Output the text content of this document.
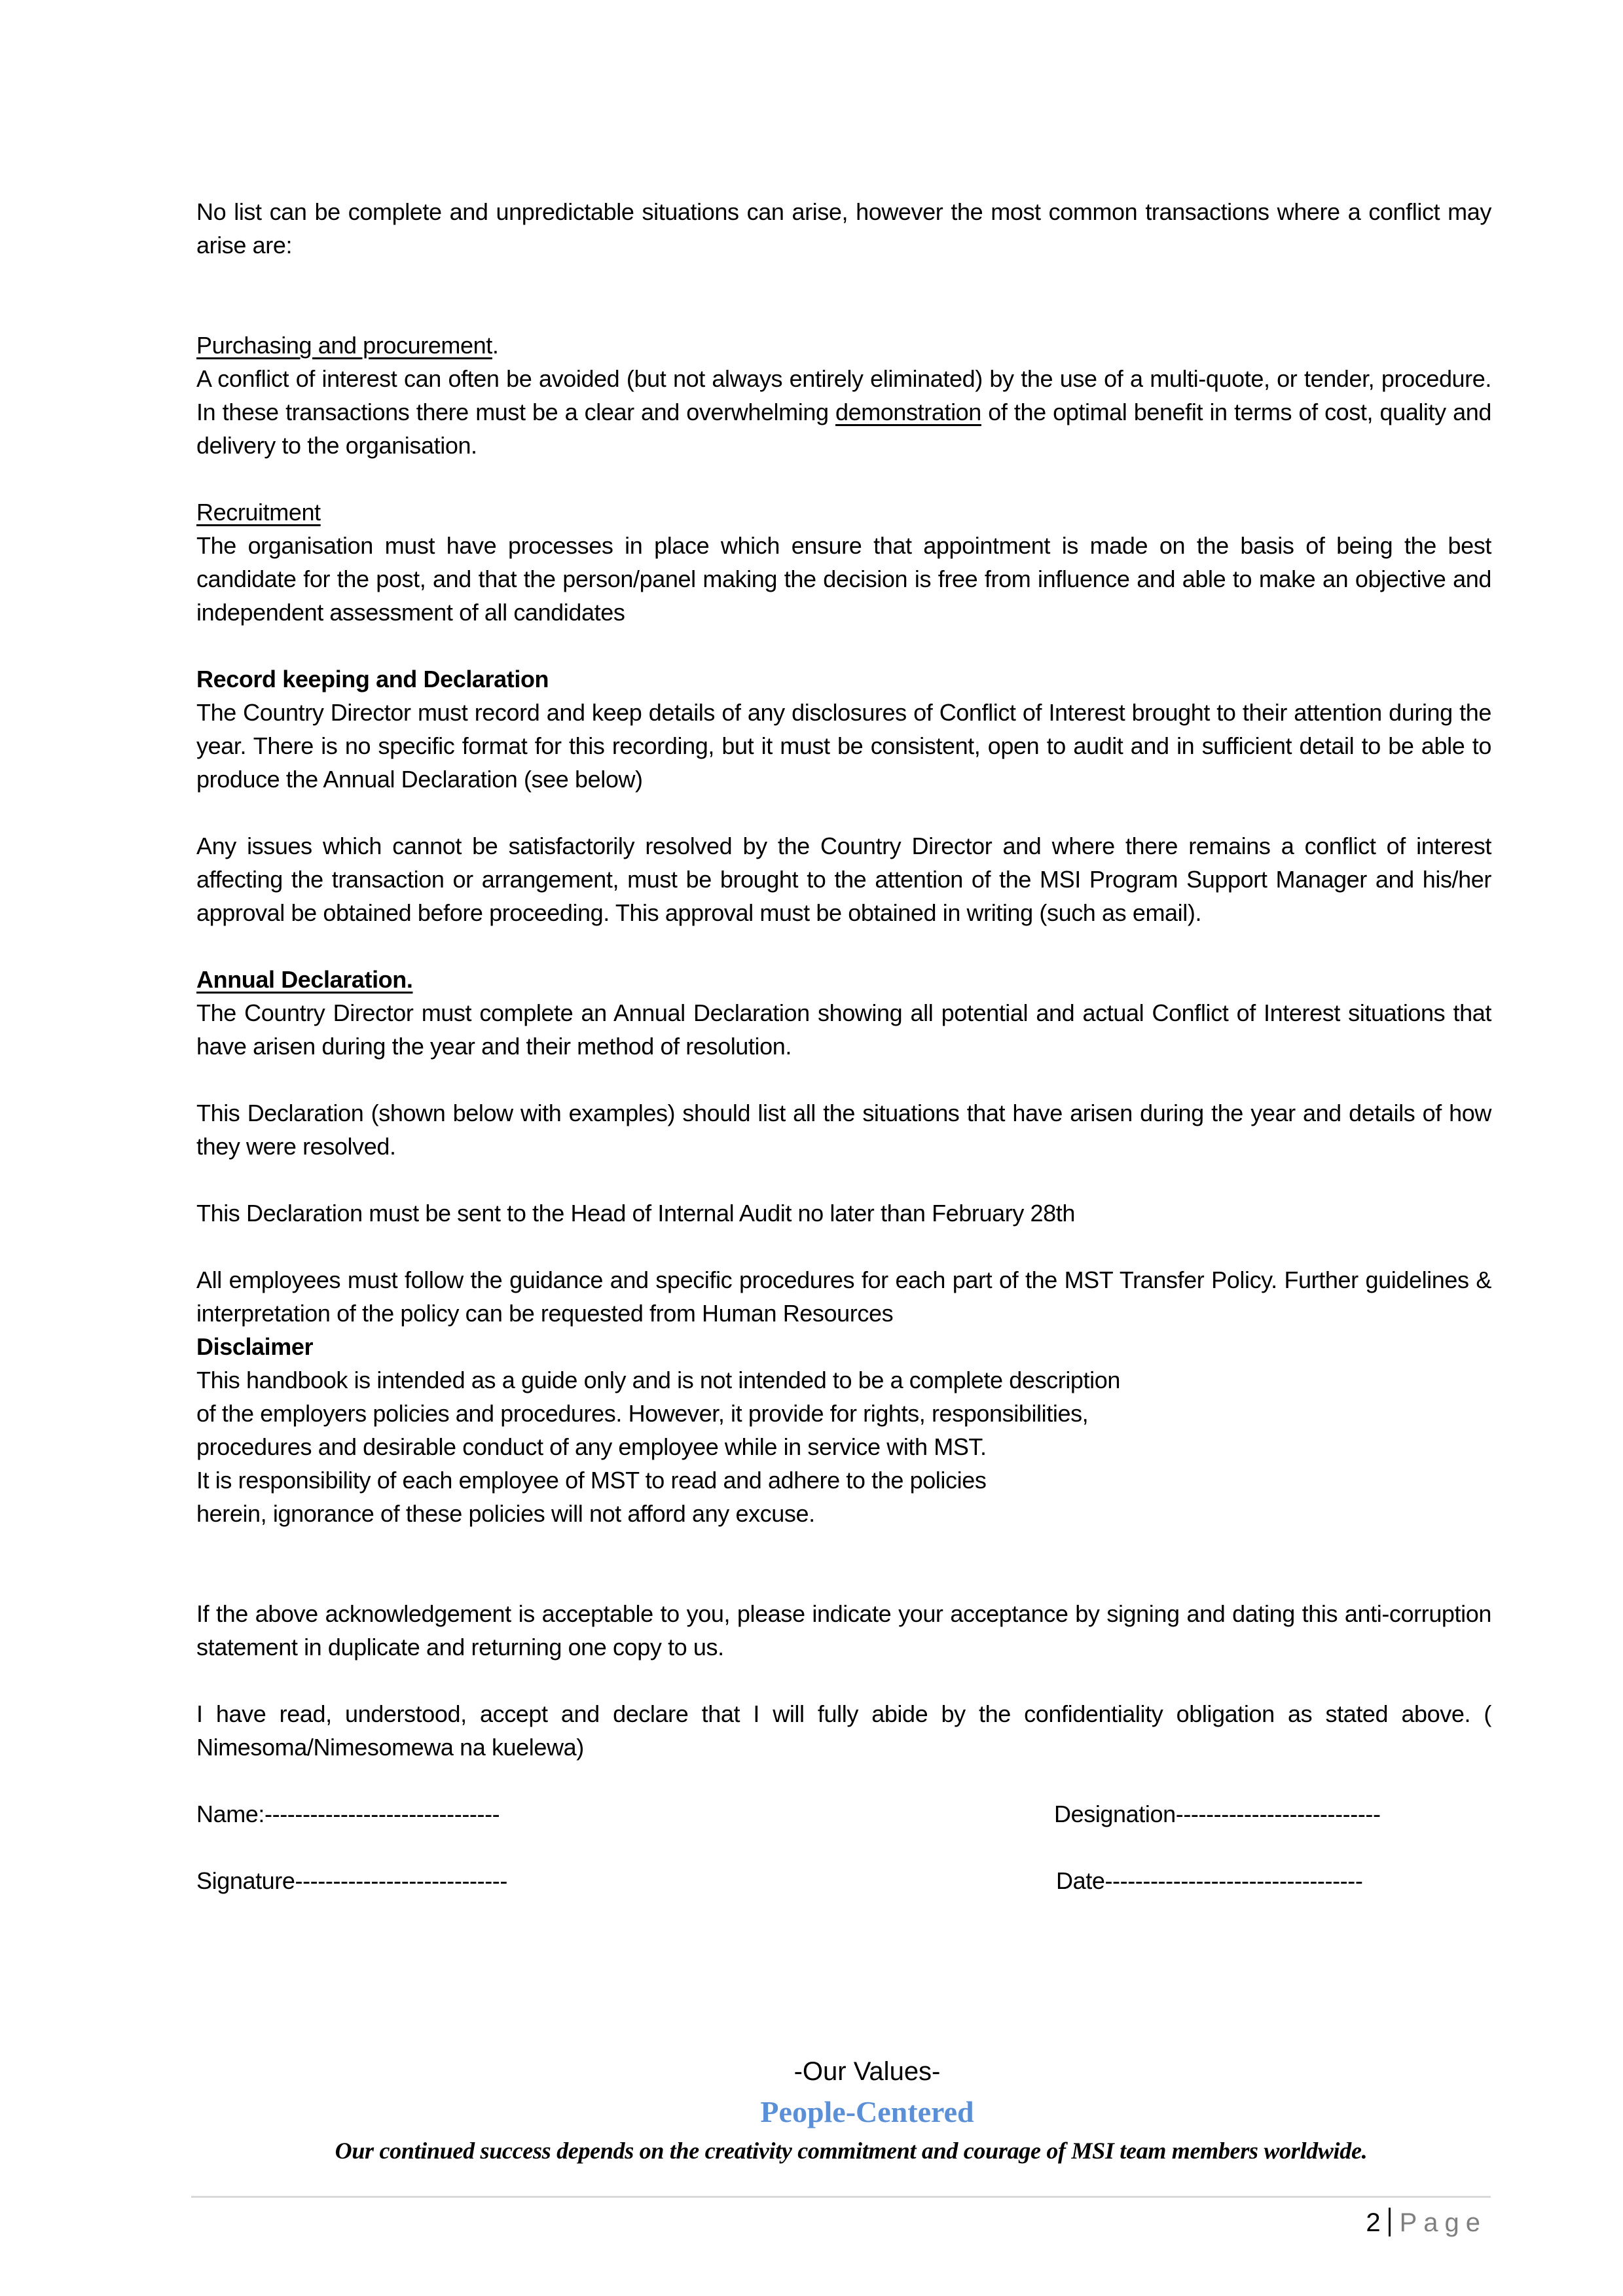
No list can be complete and unpredictable situations can arise, however the most common transactions where a conflict may arise are:

Purchasing and procurement.

A conflict of interest can often be avoided (but not always entirely eliminated) by the use of a multi-quote, or tender, procedure. In these transactions there must be a clear and overwhelming demonstration of the optimal benefit in terms of cost, quality and delivery to the organisation.

Recruitment

The organisation must have processes in place which ensure that appointment is made on the basis of being the best candidate for the post, and that the person/panel making the decision is free from influence and able to make an objective and independent assessment of all candidates

Record keeping and Declaration

The Country Director must record and keep details of any disclosures of Conflict of Interest brought to their attention during the year. There is no specific format for this recording, but it must be consistent, open to audit and in sufficient detail to be able to produce the Annual Declaration (see below)

Any issues which cannot be satisfactorily resolved by the Country Director and where there remains a conflict of interest affecting the transaction or arrangement, must be brought to the attention of the MSI Program Support Manager and his/her approval be obtained before proceeding. This approval must be obtained in writing (such as email).

Annual Declaration.

The Country Director must complete an Annual Declaration showing all potential and actual Conflict of Interest situations that have arisen during the year and their method of resolution.

This Declaration (shown below with examples) should list all the situations that have arisen during the year and details of how they were resolved.

This Declaration must be sent to the Head of Internal Audit no later than February 28th

All employees must follow the guidance and specific procedures for each part of the MST Transfer Policy. Further guidelines & interpretation of the policy can be requested from Human Resources

Disclaimer

This handbook is intended as a guide only and is not intended to be a complete description

of the employers policies and procedures. However, it provide for rights, responsibilities,

procedures and desirable conduct of any employee while in service with MST.

It is responsibility of each employee of MST to read and adhere to the policies

herein, ignorance of these policies will not afford any excuse.

If the above acknowledgement is acceptable to you, please indicate your acceptance by signing and dating this anti-corruption statement in duplicate and returning one copy to us.

I have read, understood, accept and declare that I will fully abide by the confidentiality obligation as stated above. ( Nimesoma/Nimesomewa na kuelewa)

Name:-------------------------------	Designation---------------------------
Signature----------------------------	Date----------------------------------
-Our Values-
People-Centered
Our continued success depends on the creativity commitment and courage of MSI team members worldwide.
2 Page
